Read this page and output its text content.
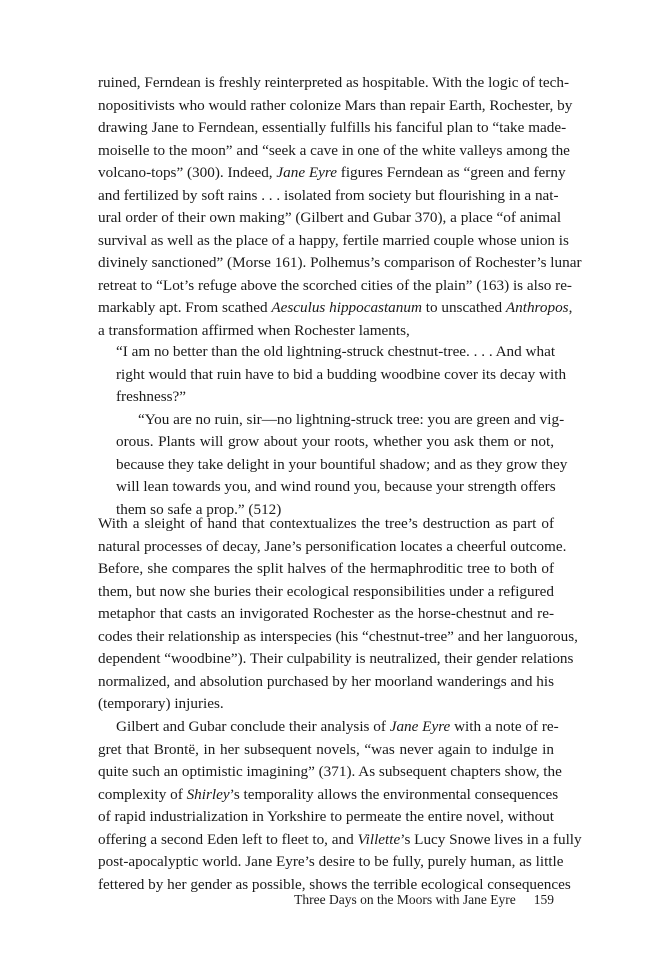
ruined, Ferndean is freshly reinterpreted as hospitable. With the logic of tech-
nopositivists who would rather colonize Mars than repair Earth, Rochester, by
drawing Jane to Ferndean, essentially fulfills his fanciful plan to “take made-
moiselle to the moon” and “seek a cave in one of the white valleys among the
volcano-tops” (300). Indeed, Jane Eyre figures Ferndean as “green and ferny
and fertilized by soft rains . . . isolated from society but flourishing in a nat-
ural order of their own making” (Gilbert and Gubar 370), a place “of animal
survival as well as the place of a happy, fertile married couple whose union is
divinely sanctioned” (Morse 161). Polhemus’s comparison of Rochester’s lunar
retreat to “Lot’s refuge above the scorched cities of the plain” (163) is also re-
markably apt. From scathed Aesculus hippocastanum to unscathed Anthropos,
a transformation affirmed when Rochester laments,
“I am no better than the old lightning-struck chestnut-tree. . . . And what
right would that ruin have to bid a budding woodbine cover its decay with
freshness?”
“You are no ruin, sir—no lightning-struck tree: you are green and vig-
orous. Plants will grow about your roots, whether you ask them or not,
because they take delight in your bountiful shadow; and as they grow they
will lean towards you, and wind round you, because your strength offers
them so safe a prop.” (512)
With a sleight of hand that contextualizes the tree’s destruction as part of
natural processes of decay, Jane’s personification locates a cheerful outcome.
Before, she compares the split halves of the hermaphroditic tree to both of
them, but now she buries their ecological responsibilities under a refigured
metaphor that casts an invigorated Rochester as the horse-chestnut and re-
codes their relationship as interspecies (his “chestnut-tree” and her languorous,
dependent “woodbine”). Their culpability is neutralized, their gender relations
normalized, and absolution purchased by her moorland wanderings and his
(temporary) injuries.
Gilbert and Gubar conclude their analysis of Jane Eyre with a note of re-
gret that Brontë, in her subsequent novels, “was never again to indulge in
quite such an optimistic imagining” (371). As subsequent chapters show, the
complexity of Shirley’s temporality allows the environmental consequences
of rapid industrialization in Yorkshire to permeate the entire novel, without
offering a second Eden left to fleet to, and Villette’s Lucy Snowe lives in a fully
post-apocalyptic world. Jane Eyre’s desire to be fully, purely human, as little
fettered by her gender as possible, shows the terrible ecological consequences
Three Days on the Moors with Jane Eyre 159
